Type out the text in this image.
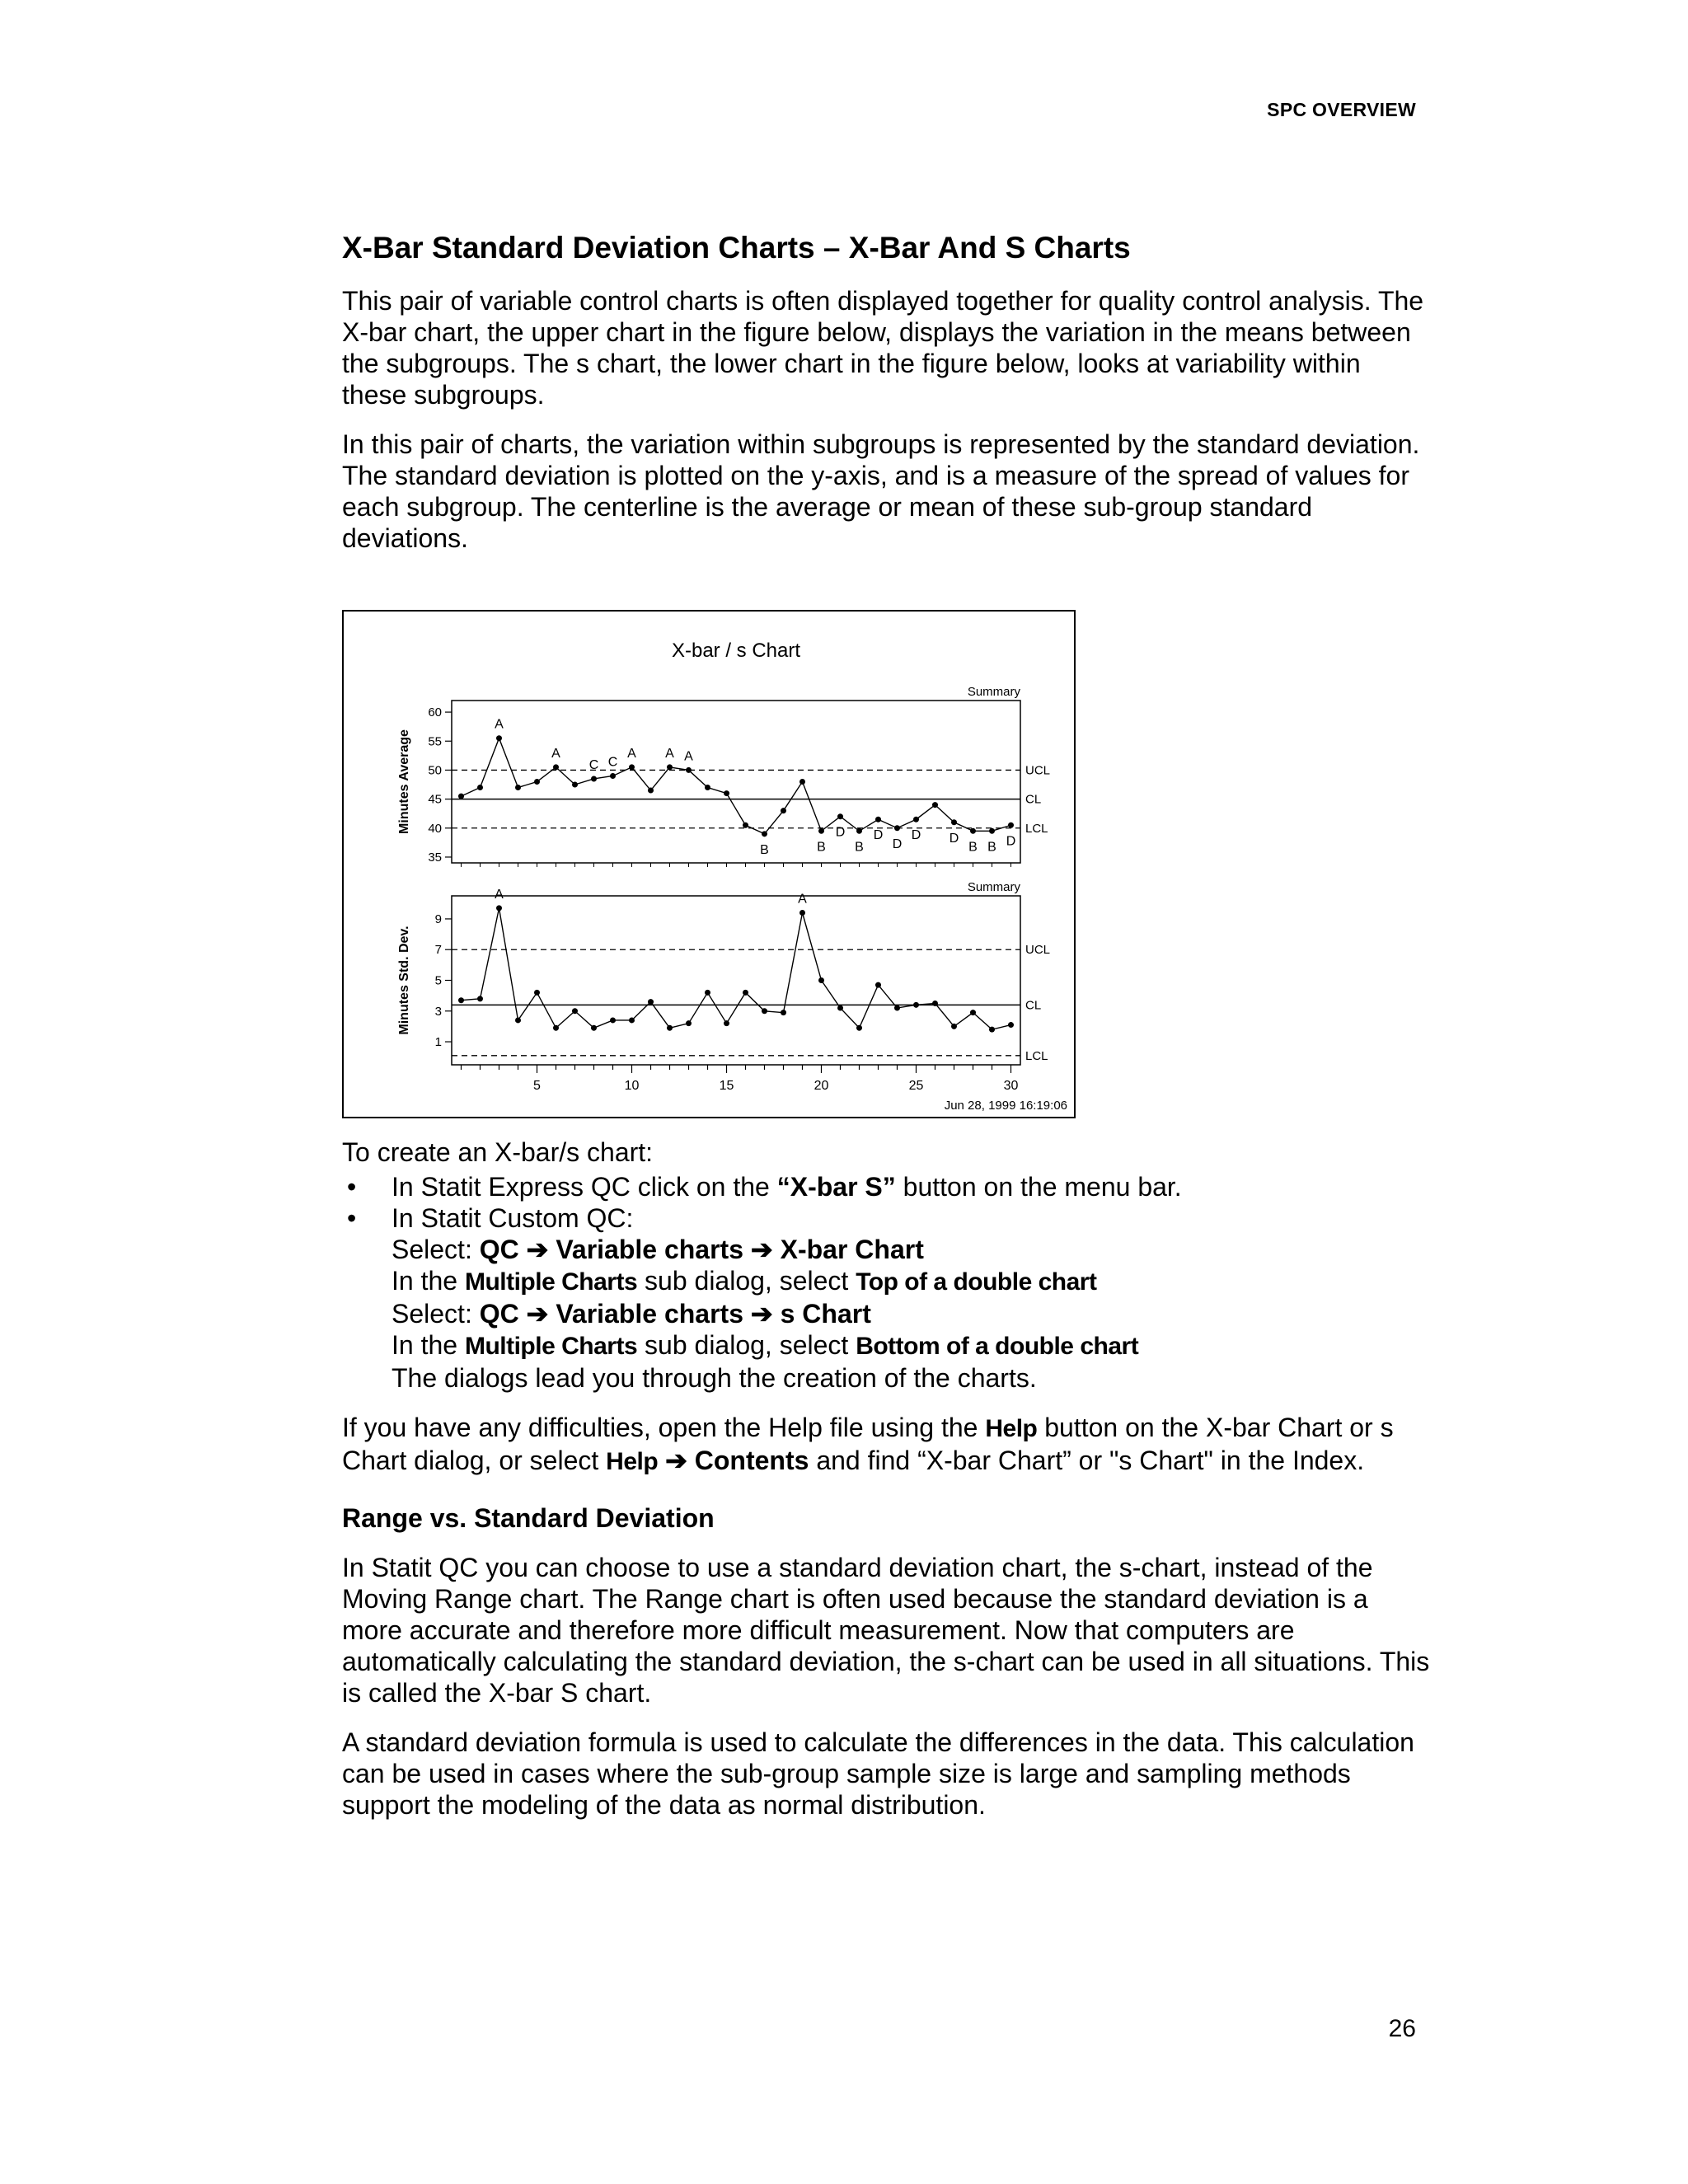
SPC OVERVIEW
X-Bar Standard Deviation Charts – X-Bar And S Charts

This pair of variable control charts is often displayed together for quality control analysis. The X-bar chart, the upper chart in the figure below, displays the variation in the means between the subgroups. The s chart, the lower chart in the figure below, looks at variability within these subgroups.

In this pair of charts, the variation within subgroups is represented by the standard deviation. The standard deviation is plotted on the y-axis, and is a measure of the spread of values for each subgroup. The centerline is the average or mean of these sub-group standard deviations.

X-bar / s Chart
Jun 28, 1999 16:19:06
Summary
Minutes Average
60
55
50
45
40
35
UCL
CL
LCL
A
A
C C
A A A
B	B
D
B
D
D
D D
B B D
Summary
Minutes Std. Dev.
9
7
5
3
1
UCL
CL
LCL
A	A
5	10	15	20	25	30

To create an X-bar/s chart:

• In Statit Express QC click on the “X-bar S” button on the menu bar.
• In Statit Custom QC:
Select: QC ➔ Variable charts ➔ X-bar Chart
In the Multiple Charts sub dialog, select Top of a double chart
Select: QC ➔ Variable charts ➔ s Chart
In the Multiple Charts sub dialog, select Bottom of a double chart
The dialogs lead you through the creation of the charts.

If you have any difficulties, open the Help file using the Help button on the X-bar Chart or s Chart dialog, or select Help ➔ Contents and find “X-bar Chart” or "s Chart" in the Index.

Range vs. Standard Deviation

In Statit QC you can choose to use a standard deviation chart, the s-chart, instead of the Moving Range chart. The Range chart is often used because the standard deviation is a more accurate and therefore more difficult measurement. Now that computers are automatically calculating the standard deviation, the s-chart can be used in all situations. This is called the X-bar S chart.

A standard deviation formula is used to calculate the differences in the data. This calculation can be used in cases where the sub-group sample size is large and sampling methods support the modeling of the data as normal distribution.

26
